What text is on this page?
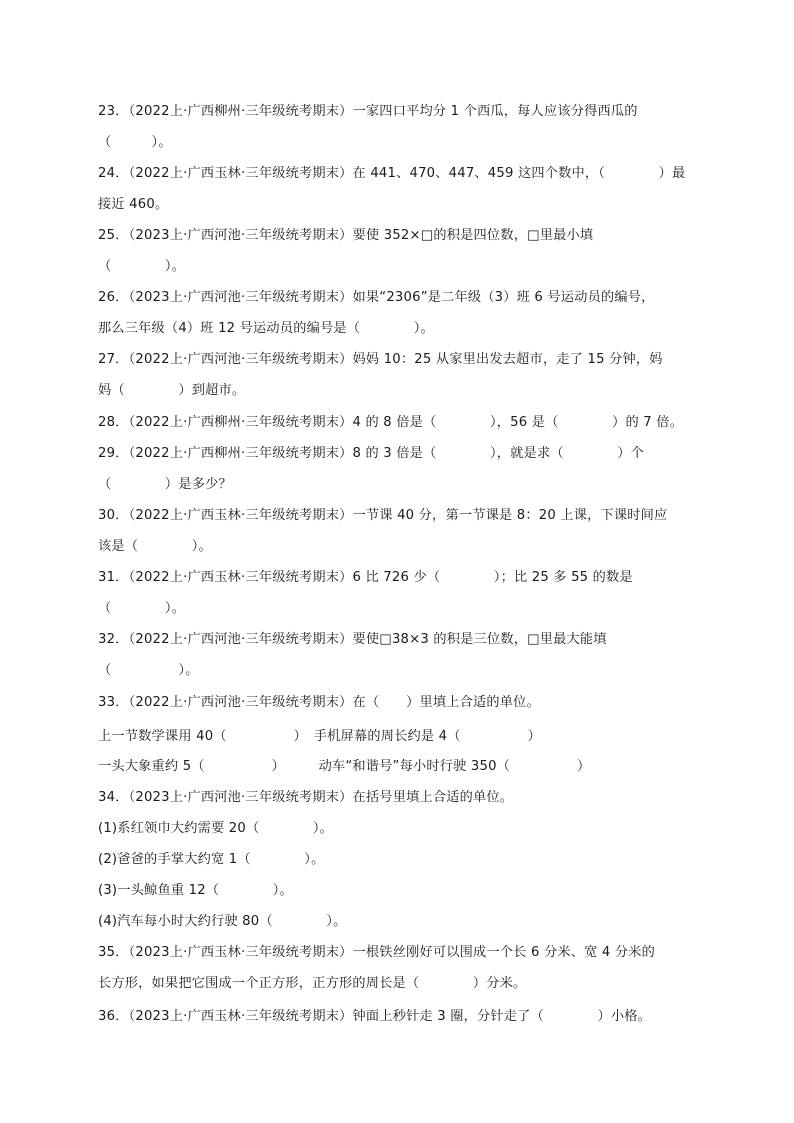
23．（2022上·广西柳州·三年级统考期末）一家四口平均分 1 个西瓜，每人应该分得西瓜的
（　　　）。
24．（2022上·广西玉林·三年级统考期末）在 441、470、447、459 这四个数中，（　　　　）最
接近 460。
25．（2023上·广西河池·三年级统考期末）要使 352×□的积是四位数，□里最小填
（　　　　）。
26．（2023上·广西河池·三年级统考期末）如果“2306”是二年级（3）班 6 号运动员的编号，
那么三年级（4）班 12 号运动员的编号是（　　　　）。
27．（2022上·广西河池·三年级统考期末）妈妈 10：25 从家里出发去超市，走了 15 分钟，妈
妈（　　　　）到超市。
28．（2022上·广西柳州·三年级统考期末）4 的 8 倍是（　　　　），56 是（　　　　）的 7 倍。
29．（2022上·广西柳州·三年级统考期末）8 的 3 倍是（　　　　），就是求（　　　　）个
（　　　　）是多少？
30．（2022上·广西玉林·三年级统考期末）一节课 40 分，第一节课是 8：20 上课，下课时间应
该是（　　　　）。
31．（2022上·广西玉林·三年级统考期末）6 比 726 少（　　　　）；比 25 多 55 的数是
（　　　　）。
32．（2022上·广西河池·三年级统考期末）要使□38×3 的积是三位数，□里最大能填
（　　　　　）。
33．（2022上·广西河池·三年级统考期末）在（　　）里填上合适的单位。
上一节数学课用 40（　　　　　）　手机屏幕的周长约是 4（　　　　　）
一头大象重约 5（　　　　　）　　　动车“和谐号”每小时行驶 350（　　　　　）
34．（2023上·广西河池·三年级统考期末）在括号里填上合适的单位。
(1)系红领巾大约需要 20（　　　　）。
(2)爸爸的手掌大约宽 1（　　　　）。
(3)一头鲸鱼重 12（　　　　）。
(4)汽车每小时大约行驶 80（　　　　）。
35．（2023上·广西玉林·三年级统考期末）一根铁丝刚好可以围成一个长 6 分米、宽 4 分米的
长方形，如果把它围成一个正方形，正方形的周长是（　　　　）分米。
36．（2023上·广西玉林·三年级统考期末）钟面上秒针走 3 圈，分针走了（　　　　）小格。
